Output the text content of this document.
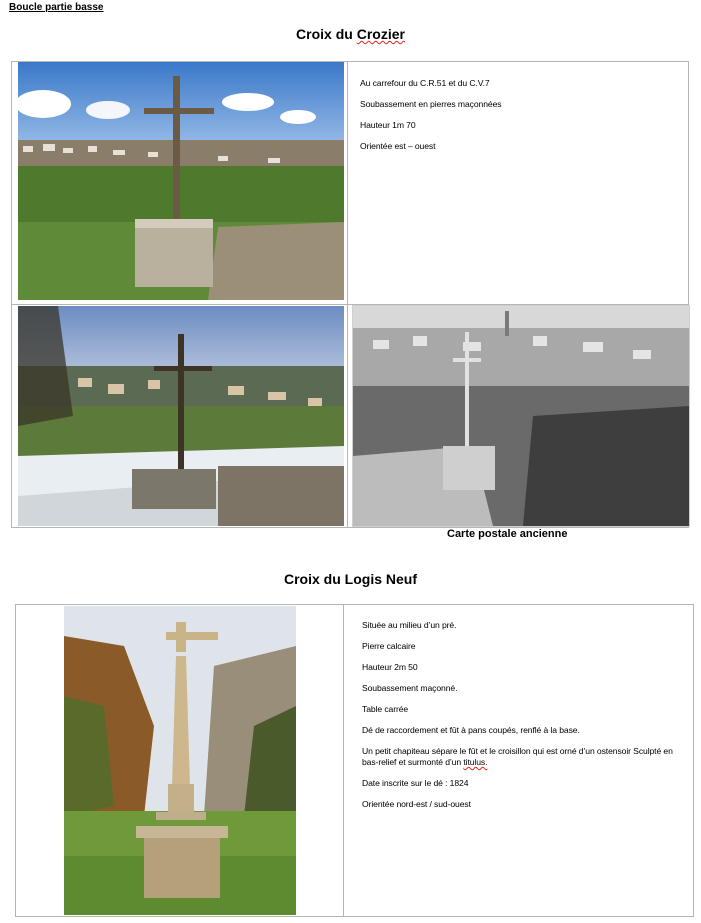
Boucle partie basse
Croix du Crozier

Au carrefour du C.R.51 et du C.V.7

Soubassement en pierres maçonnées

Hauteur 1m 70

Orientée est – ouest

Carte postale ancienne
Croix du Logis Neuf

Située au milieu d’un pré.

Pierre calcaire

Hauteur 2m 50

Soubassement maçonné.

Table carrée

Dé de raccordement et fût à pans coupés, renflé à la base.

Un petit chapiteau sépare le fût et le croisillon qui est orné d’un ostensoir Sculpté en bas-relief et surmonté d’un titulus.

Date inscrite sur le dé : 1824

Orientée nord-est / sud-ouest
